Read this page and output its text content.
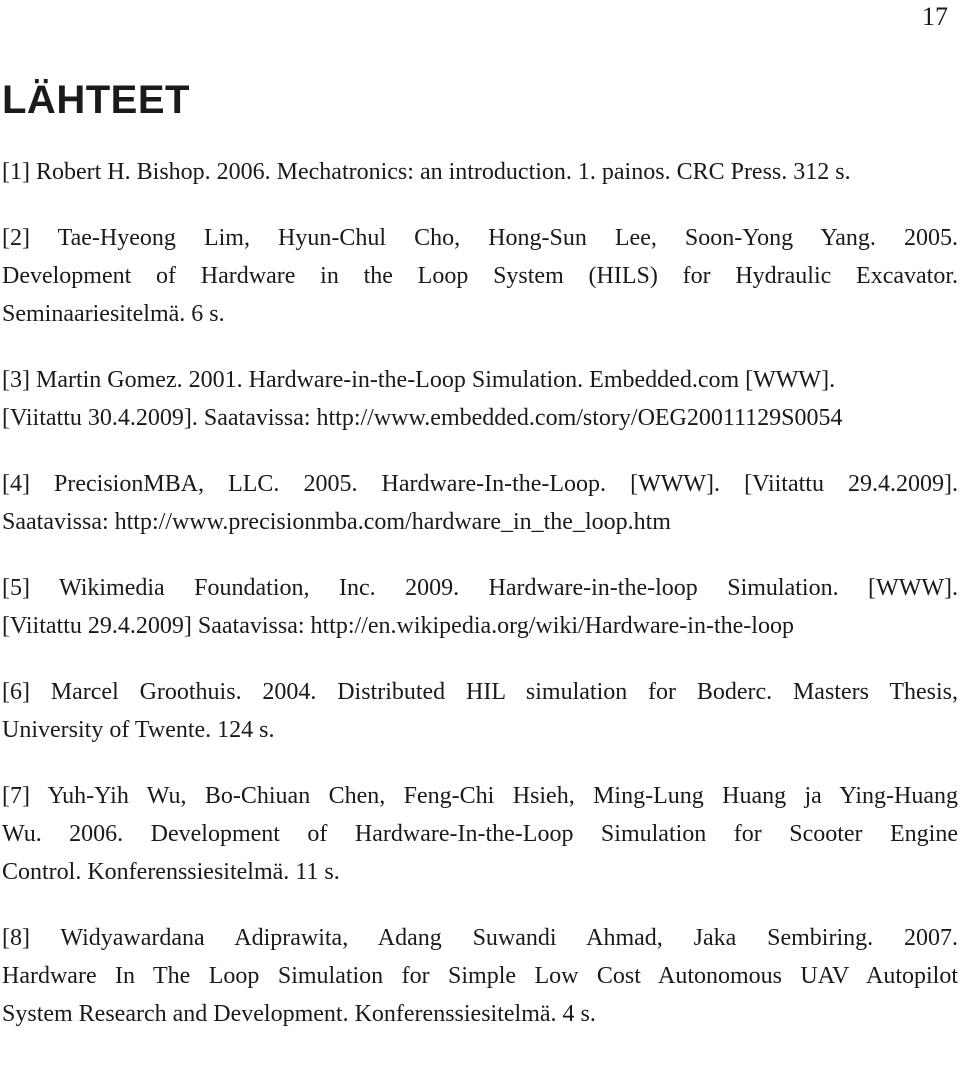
17
LÄHTEET
[1] Robert H. Bishop. 2006. Mechatronics: an introduction. 1. painos. CRC Press. 312 s.
[2] Tae-Hyeong Lim, Hyun-Chul Cho, Hong-Sun Lee, Soon-Yong Yang. 2005.
Development of Hardware in the Loop System (HILS) for Hydraulic Excavator.
Seminaariesitelmä. 6 s.
[3] Martin Gomez. 2001. Hardware-in-the-Loop Simulation. Embedded.com [WWW].
[Viitattu 30.4.2009]. Saatavissa: http://www.embedded.com/story/OEG20011129S0054
[4] PrecisionMBA, LLC. 2005. Hardware-In-the-Loop. [WWW]. [Viitattu 29.4.2009].
Saatavissa: http://www.precisionmba.com/hardware_in_the_loop.htm
[5] Wikimedia Foundation, Inc. 2009. Hardware-in-the-loop Simulation. [WWW].
[Viitattu 29.4.2009] Saatavissa: http://en.wikipedia.org/wiki/Hardware-in-the-loop
[6] Marcel Groothuis. 2004. Distributed HIL simulation for Boderc. Masters Thesis,
University of Twente. 124 s.
[7] Yuh-Yih Wu, Bo-Chiuan Chen, Feng-Chi Hsieh, Ming-Lung Huang ja Ying-Huang
Wu. 2006. Development of Hardware-In-the-Loop Simulation for Scooter Engine
Control. Konferenssiesitelmä. 11 s.
[8] Widyawardana Adiprawita, Adang Suwandi Ahmad, Jaka Sembiring. 2007.
Hardware In The Loop Simulation for Simple Low Cost Autonomous UAV Autopilot
System Research and Development. Konferenssiesitelmä. 4 s.
